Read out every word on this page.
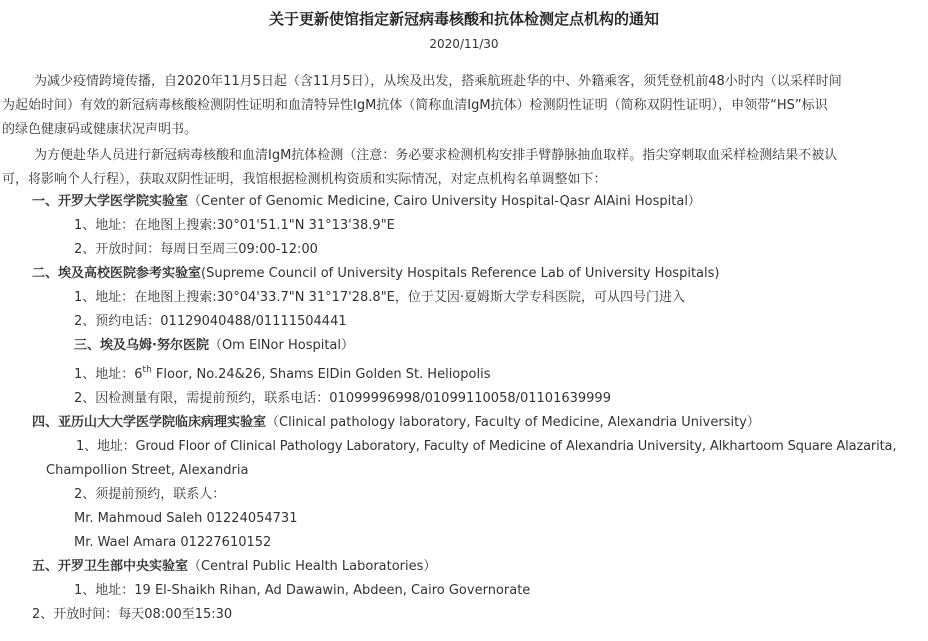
关于更新使馆指定新冠病毒核酸和抗体检测定点机构的通知
2020/11/30
为减少疫情跨境传播，自2020年11月5日起（含11月5日），从埃及出发，搭乘航班赴华的中、外籍乘客，须凭登机前48小时内（以采样时间
为起始时间）有效的新冠病毒核酸检测阴性证明和血清特异性IgM抗体（简称血清IgM抗体）检测阴性证明（简称双阴性证明），申领带“HS”标识
的绿色健康码或健康状况声明书。
为方便赴华人员进行新冠病毒核酸和血清IgM抗体检测（注意：务必要求检测机构安排手臂静脉抽血取样。指尖穿刺取血采样检测结果不被认
可，将影响个人行程），获取双阴性证明，我馆根据检测机构资质和实际情况，对定点机构名单调整如下：
一、开罗大学医学院实验室（Center of Genomic Medicine, Cairo University Hospital-Qasr AlAini Hospital）
1、地址：在地图上搜索:30°01'51.1"N 31°13'38.9"E
2、开放时间：每周日至周三09:00-12:00
二、埃及高校医院参考实验室(Supreme Council of University Hospitals Reference Lab of University Hospitals)
1、地址：在地图上搜索:30°04'33.7"N 31°17'28.8"E，位于艾因·夏姆斯大学专科医院，可从四号门进入
2、预约电话：01129040488/01111504441
三、埃及乌姆·努尔医院（Om ElNor Hospital）
1、地址：6th Floor, No.24&26, Shams ElDin Golden St. Heliopolis
2、因检测量有限，需提前预约，联系电话：01099996998/01099110058/01101639999
四、亚历山大大学医学院临床病理实验室（Clinical pathology laboratory, Faculty of Medicine, Alexandria University）
1、地址：Groud Floor of Clinical Pathology Laboratory, Faculty of Medicine of Alexandria University, Alkhartoom Square Alazarita,
Champollion Street, Alexandria
2、须提前预约，联系人：
Mr. Mahmoud Saleh 01224054731
Mr. Wael Amara 01227610152
五、开罗卫生部中央实验室（Central Public Health Laboratories）
1、地址：19 El-Shaikh Rihan, Ad Dawawin, Abdeen, Cairo Governorate
2、开放时间：每天08:00至15:30
